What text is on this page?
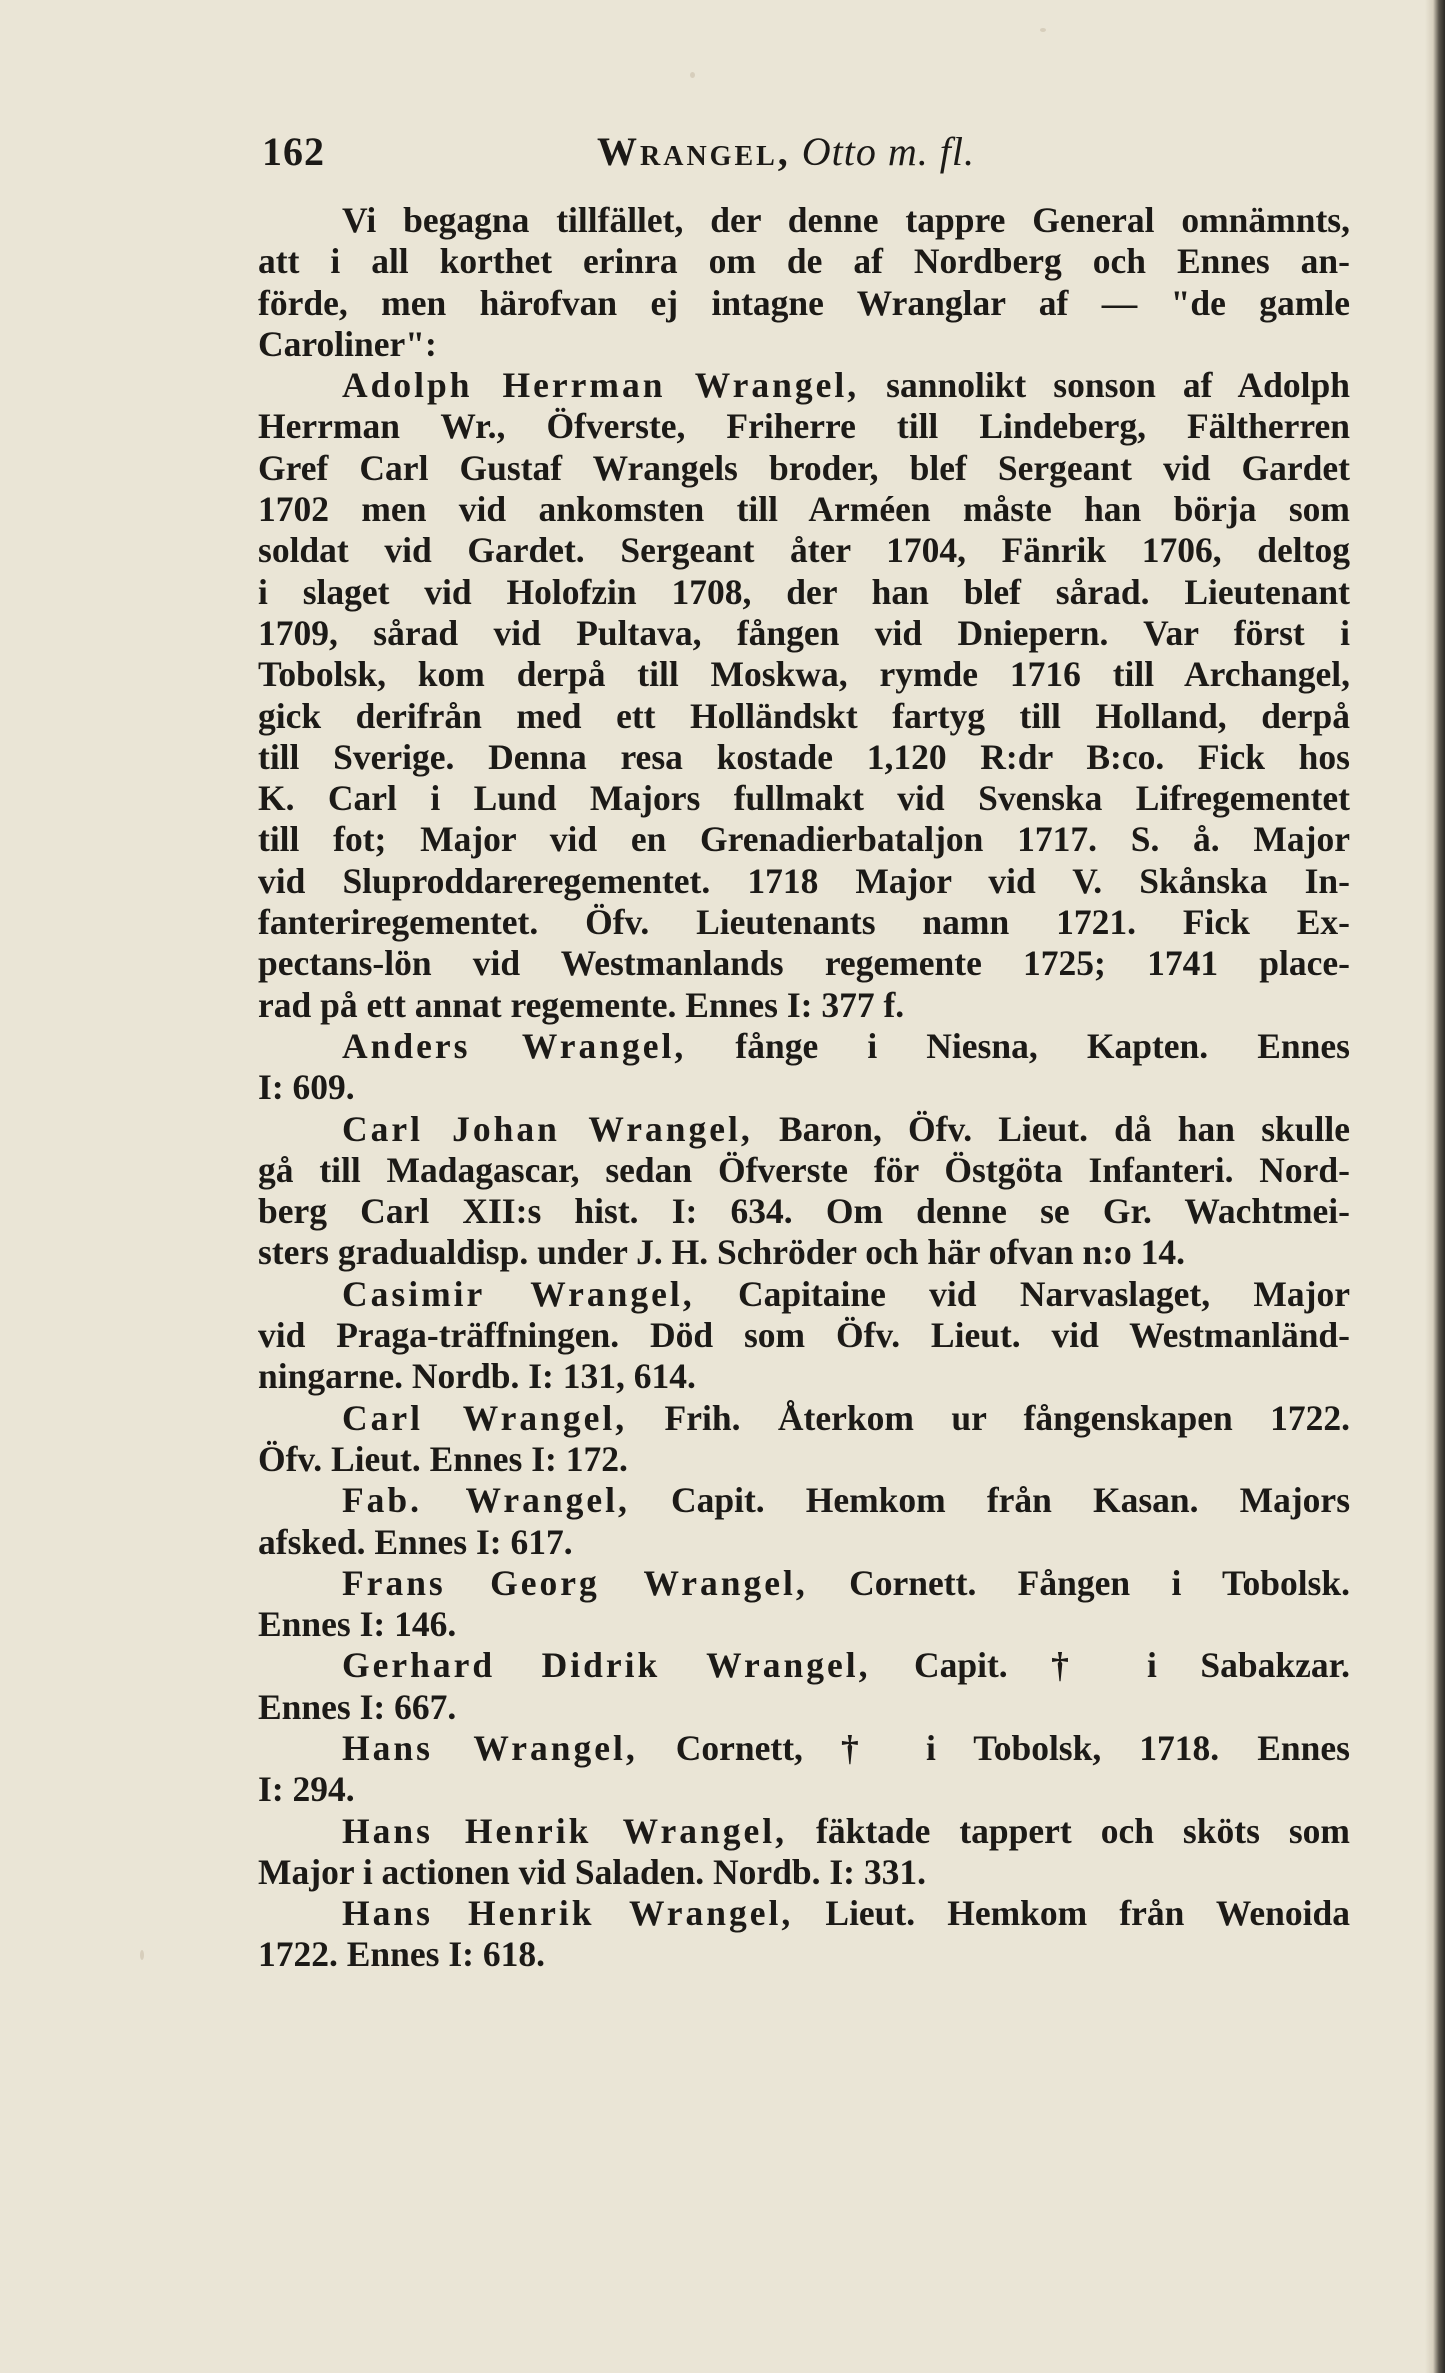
162	Wrangel, Otto m. fl.
Vi begagna tillfället, der denne tappre General omnämnts,
att i all korthet erinra om de af Nordberg och Ennes an-
förde, men härofvan ej intagne Wranglar af — "de gamle
Caroliner":
Adolph Herrman Wrangel, sannolikt sonson af Adolph
Herrman Wr., Öfverste, Friherre till Lindeberg, Fältherren
Gref Carl Gustaf Wrangels broder, blef Sergeant vid Gardet
1702 men vid ankomsten till Arméen måste han börja som
soldat vid Gardet. Sergeant åter 1704, Fänrik 1706, deltog
i slaget vid Holofzin 1708, der han blef sårad. Lieutenant
1709, sårad vid Pultava, fången vid Dniepern. Var först i
Tobolsk, kom derpå till Moskwa, rymde 1716 till Archangel,
gick derifrån med ett Holländskt fartyg till Holland, derpå
till Sverige. Denna resa kostade 1,120 R:dr B:co. Fick hos
K. Carl i Lund Majors fullmakt vid Svenska Lifregementet
till fot; Major vid en Grenadierbataljon 1717. S. å. Major
vid Sluproddareregementet. 1718 Major vid V. Skånska In-
fanteriregementet. Öfv. Lieutenants namn 1721. Fick Ex-
pectans-lön vid Westmanlands regemente 1725; 1741 place-
rad på ett annat regemente. Ennes I: 377 f.
Anders Wrangel, fånge i Niesna, Kapten. Ennes
I: 609.
Carl Johan Wrangel, Baron, Öfv. Lieut. då han skulle
gå till Madagascar, sedan Öfverste för Östgöta Infanteri. Nord-
berg Carl XII:s hist. I: 634. Om denne se Gr. Wachtmei-
sters gradualdisp. under J. H. Schröder och här ofvan n:o 14.
Casimir Wrangel, Capitaine vid Narvaslaget, Major
vid Praga-träffningen. Död som Öfv. Lieut. vid Westmanländ-
ningarne. Nordb. I: 131, 614.
Carl Wrangel, Frih. Återkom ur fångenskapen 1722.
Öfv. Lieut. Ennes I: 172.
Fab. Wrangel, Capit. Hemkom från Kasan. Majors
afsked. Ennes I: 617.
Frans Georg Wrangel, Cornett. Fången i Tobolsk.
Ennes I: 146.
Gerhard Didrik Wrangel, Capit. † i Sabakzar.
Ennes I: 667.
Hans Wrangel, Cornett, † i Tobolsk, 1718. Ennes
I: 294.
Hans Henrik Wrangel, fäktade tappert och sköts som
Major i actionen vid Saladen. Nordb. I: 331.
Hans Henrik Wrangel, Lieut. Hemkom från Wenoida
1722. Ennes I: 618.
